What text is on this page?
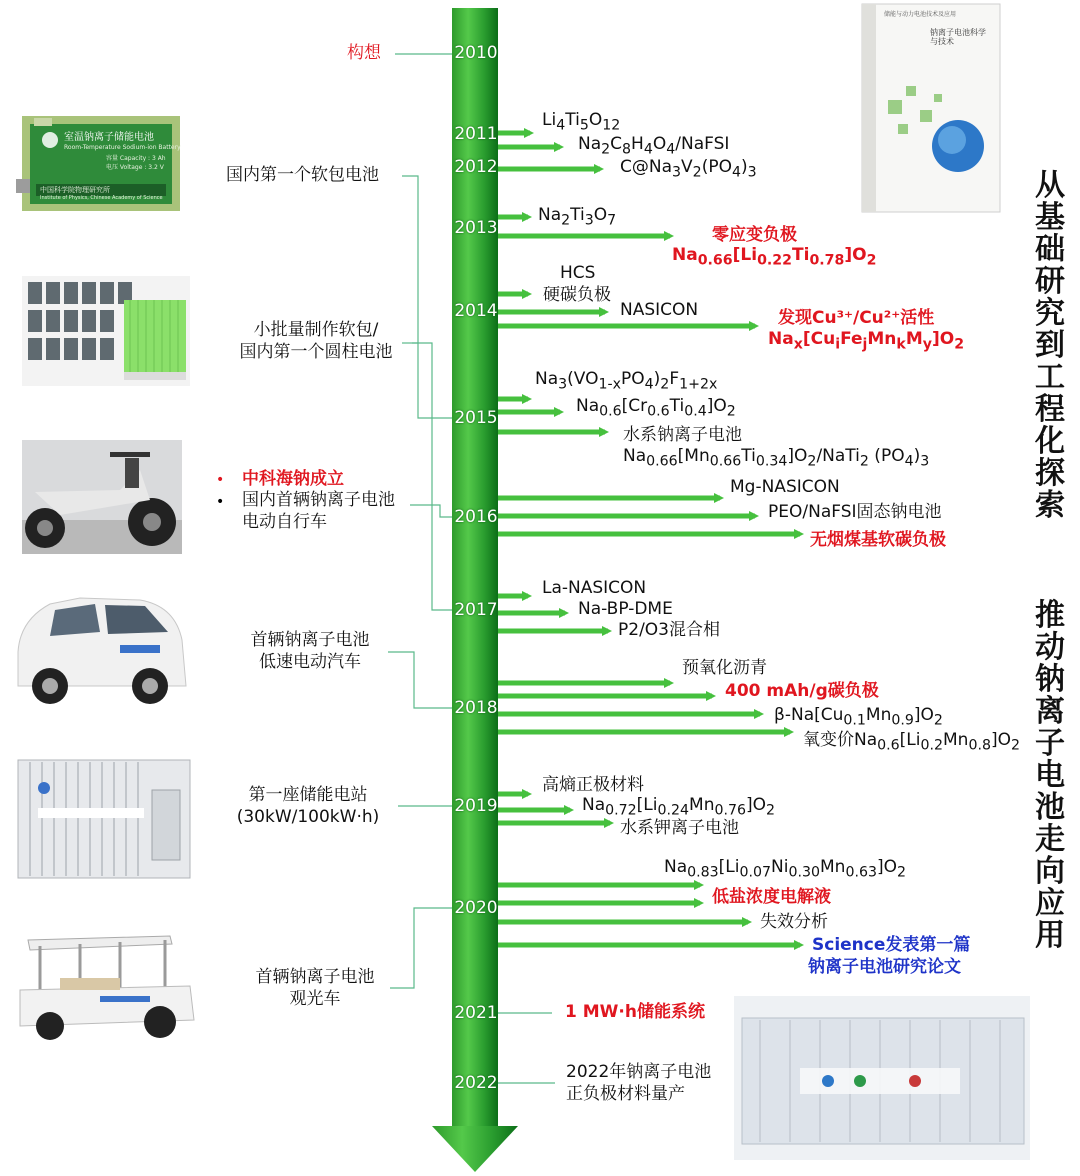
2010
2011
2012
2013
2014
2015
2016
2017
2018
2019
2020
2021
2022
构想
国内第一个软包电池
小批量制作软包/
国内第一个圆柱电池
• 中科海钠成立
• 国内首辆钠离子电池
电动自行车
首辆钠离子电池
低速电动汽车
第一座储能电站
(30kW/100kW·h)
首辆钠离子电池
观光车
$Li_4Ti_5O_{12}$
$Na_2C_8H_4O_4$/NaFSI
$C@Na_3V_2(PO_4)_3$
$Na_2Ti_3O_7$
零应变负极
$Na_{0.66}[Li_{0.22}Ti_{0.78}]O_2$
HCS
硬碳负极
NASICON	发现Cu³⁺/Cu²⁺活性
$Na_x[Cu_iFe_jMn_kM_y]O_2$
$Na_3(VO_{1-x}PO_4)_2F_{1+2x}$
$Na_{0.6}[Cr_{0.6}Ti_{0.4}]O_2$
水系钠离子电池
$Na_{0.66}[Mn_{0.66}Ti_{0.34}]O_2/NaTi_2$ $(PO_4)_3$
Mg-NASICON
PEO/NaFSI固态钠电池
无烟煤基软碳负极
La-NASICON
Na-BP-DME
P2/O3混合相
预氧化沥青
400 mAh/g碳负极
$\beta-Na[Cu_{0.1}Mn_{0.9}]O_2$
氧变价$Na_{0.6}[Li_{0.2}Mn_{0.8}]O_2$
高熵正极材料
$Na_{0.72}[Li_{0.24}Mn_{0.76}]O_2$
水系钾离子电池
$Na_{0.83}[Li_{0.07}Ni_{0.30}Mn_{0.63}]O_2$
低盐浓度电解液
失效分析
Science发表第一篇
钠离子电池研究论文
1 MW·h储能系统
2022年钠离子电池
正负极材料量产
从
基
础
研
究
到
工
程
化
探
索
推
动
钠
离
子
电
池
走
向
应
用
室温钠离子储能电池
Room-Temperature Sodium-ion Battery
容量 Capacity : 3 Ah
电压 Voltage : 3.2 V
中国科学院物理研究所
Institute of Physics, Chinese Academy of Science
储能与动力电池技术及应用
钠离子电池科学与技术
